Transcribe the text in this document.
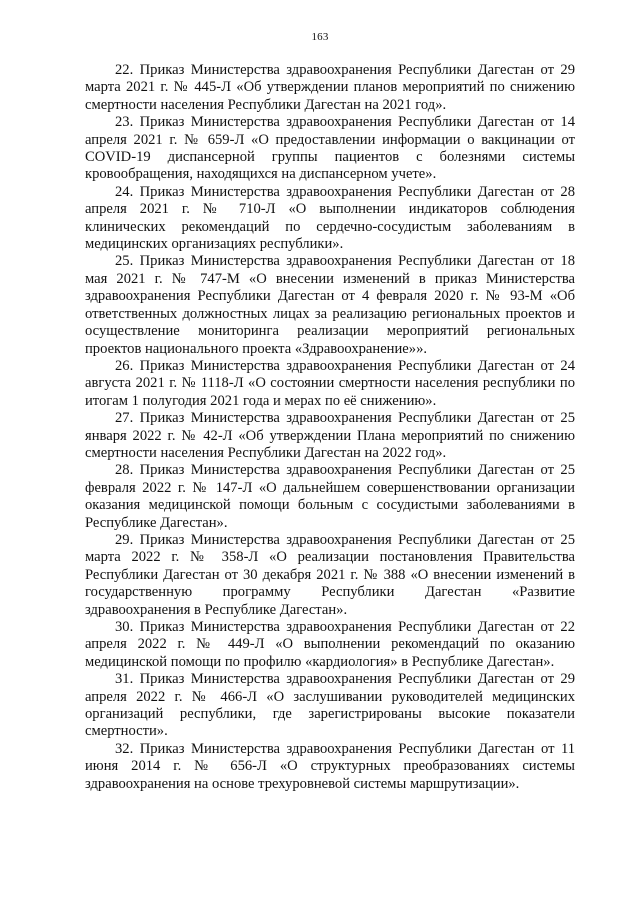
163

22. Приказ Министерства здравоохранения Республики Дагестан от 29 марта 2021 г. № 445-Л «Об утверждении планов мероприятий по снижению смертности населения Республики Дагестан на 2021 год».

23. Приказ Министерства здравоохранения Республики Дагестан от 14 апреля 2021 г. № 659-Л «О предоставлении информации о вакцинации от COVID-19 диспансерной группы пациентов с болезнями системы кровообращения, находящихся на диспансерном учете».

24. Приказ Министерства здравоохранения Республики Дагестан от 28 апреля 2021 г. № 710-Л «О выполнении индикаторов соблюдения клинических рекомендаций по сердечно-сосудистым заболеваниям в медицинских организациях республики».

25. Приказ Министерства здравоохранения Республики Дагестан от 18 мая 2021 г. № 747-М «О внесении изменений в приказ Министерства здравоохранения Республики Дагестан от 4 февраля 2020 г. № 93-М «Об ответственных должностных лицах за реализацию региональных проектов и осуществление мониторинга реализации мероприятий региональных проектов национального проекта «Здравоохранение»».

26. Приказ Министерства здравоохранения Республики Дагестан от 24 августа 2021 г. № 1118-Л «О состоянии смертности населения республики по итогам 1 полугодия 2021 года и мерах по её снижению».

27. Приказ Министерства здравоохранения Республики Дагестан от 25 января 2022 г. № 42-Л «Об утверждении Плана мероприятий по снижению смертности населения Республики Дагестан на 2022 год».

28. Приказ Министерства здравоохранения Республики Дагестан от 25 февраля 2022 г. № 147-Л «О дальнейшем совершенствовании организации оказания медицинской помощи больным с сосудистыми заболеваниями в Республике Дагестан».

29. Приказ Министерства здравоохранения Республики Дагестан от 25 марта 2022 г. № 358-Л «О реализации постановления Правительства Республики Дагестан от 30 декабря 2021 г. № 388 «О внесении изменений в государственную программу Республики Дагестан «Развитие здравоохранения в Республике Дагестан».

30. Приказ Министерства здравоохранения Республики Дагестан от 22 апреля 2022 г. № 449-Л «О выполнении рекомендаций по оказанию медицинской помощи по профилю «кардиология» в Республике Дагестан».

31. Приказ Министерства здравоохранения Республики Дагестан от 29 апреля 2022 г. № 466-Л «О заслушивании руководителей медицинских организаций республики, где зарегистрированы высокие показатели смертности».

32. Приказ Министерства здравоохранения Республики Дагестан от 11 июня 2014 г. № 656-Л «О структурных преобразованиях системы здравоохранения на основе трехуровневой системы маршрутизации».
